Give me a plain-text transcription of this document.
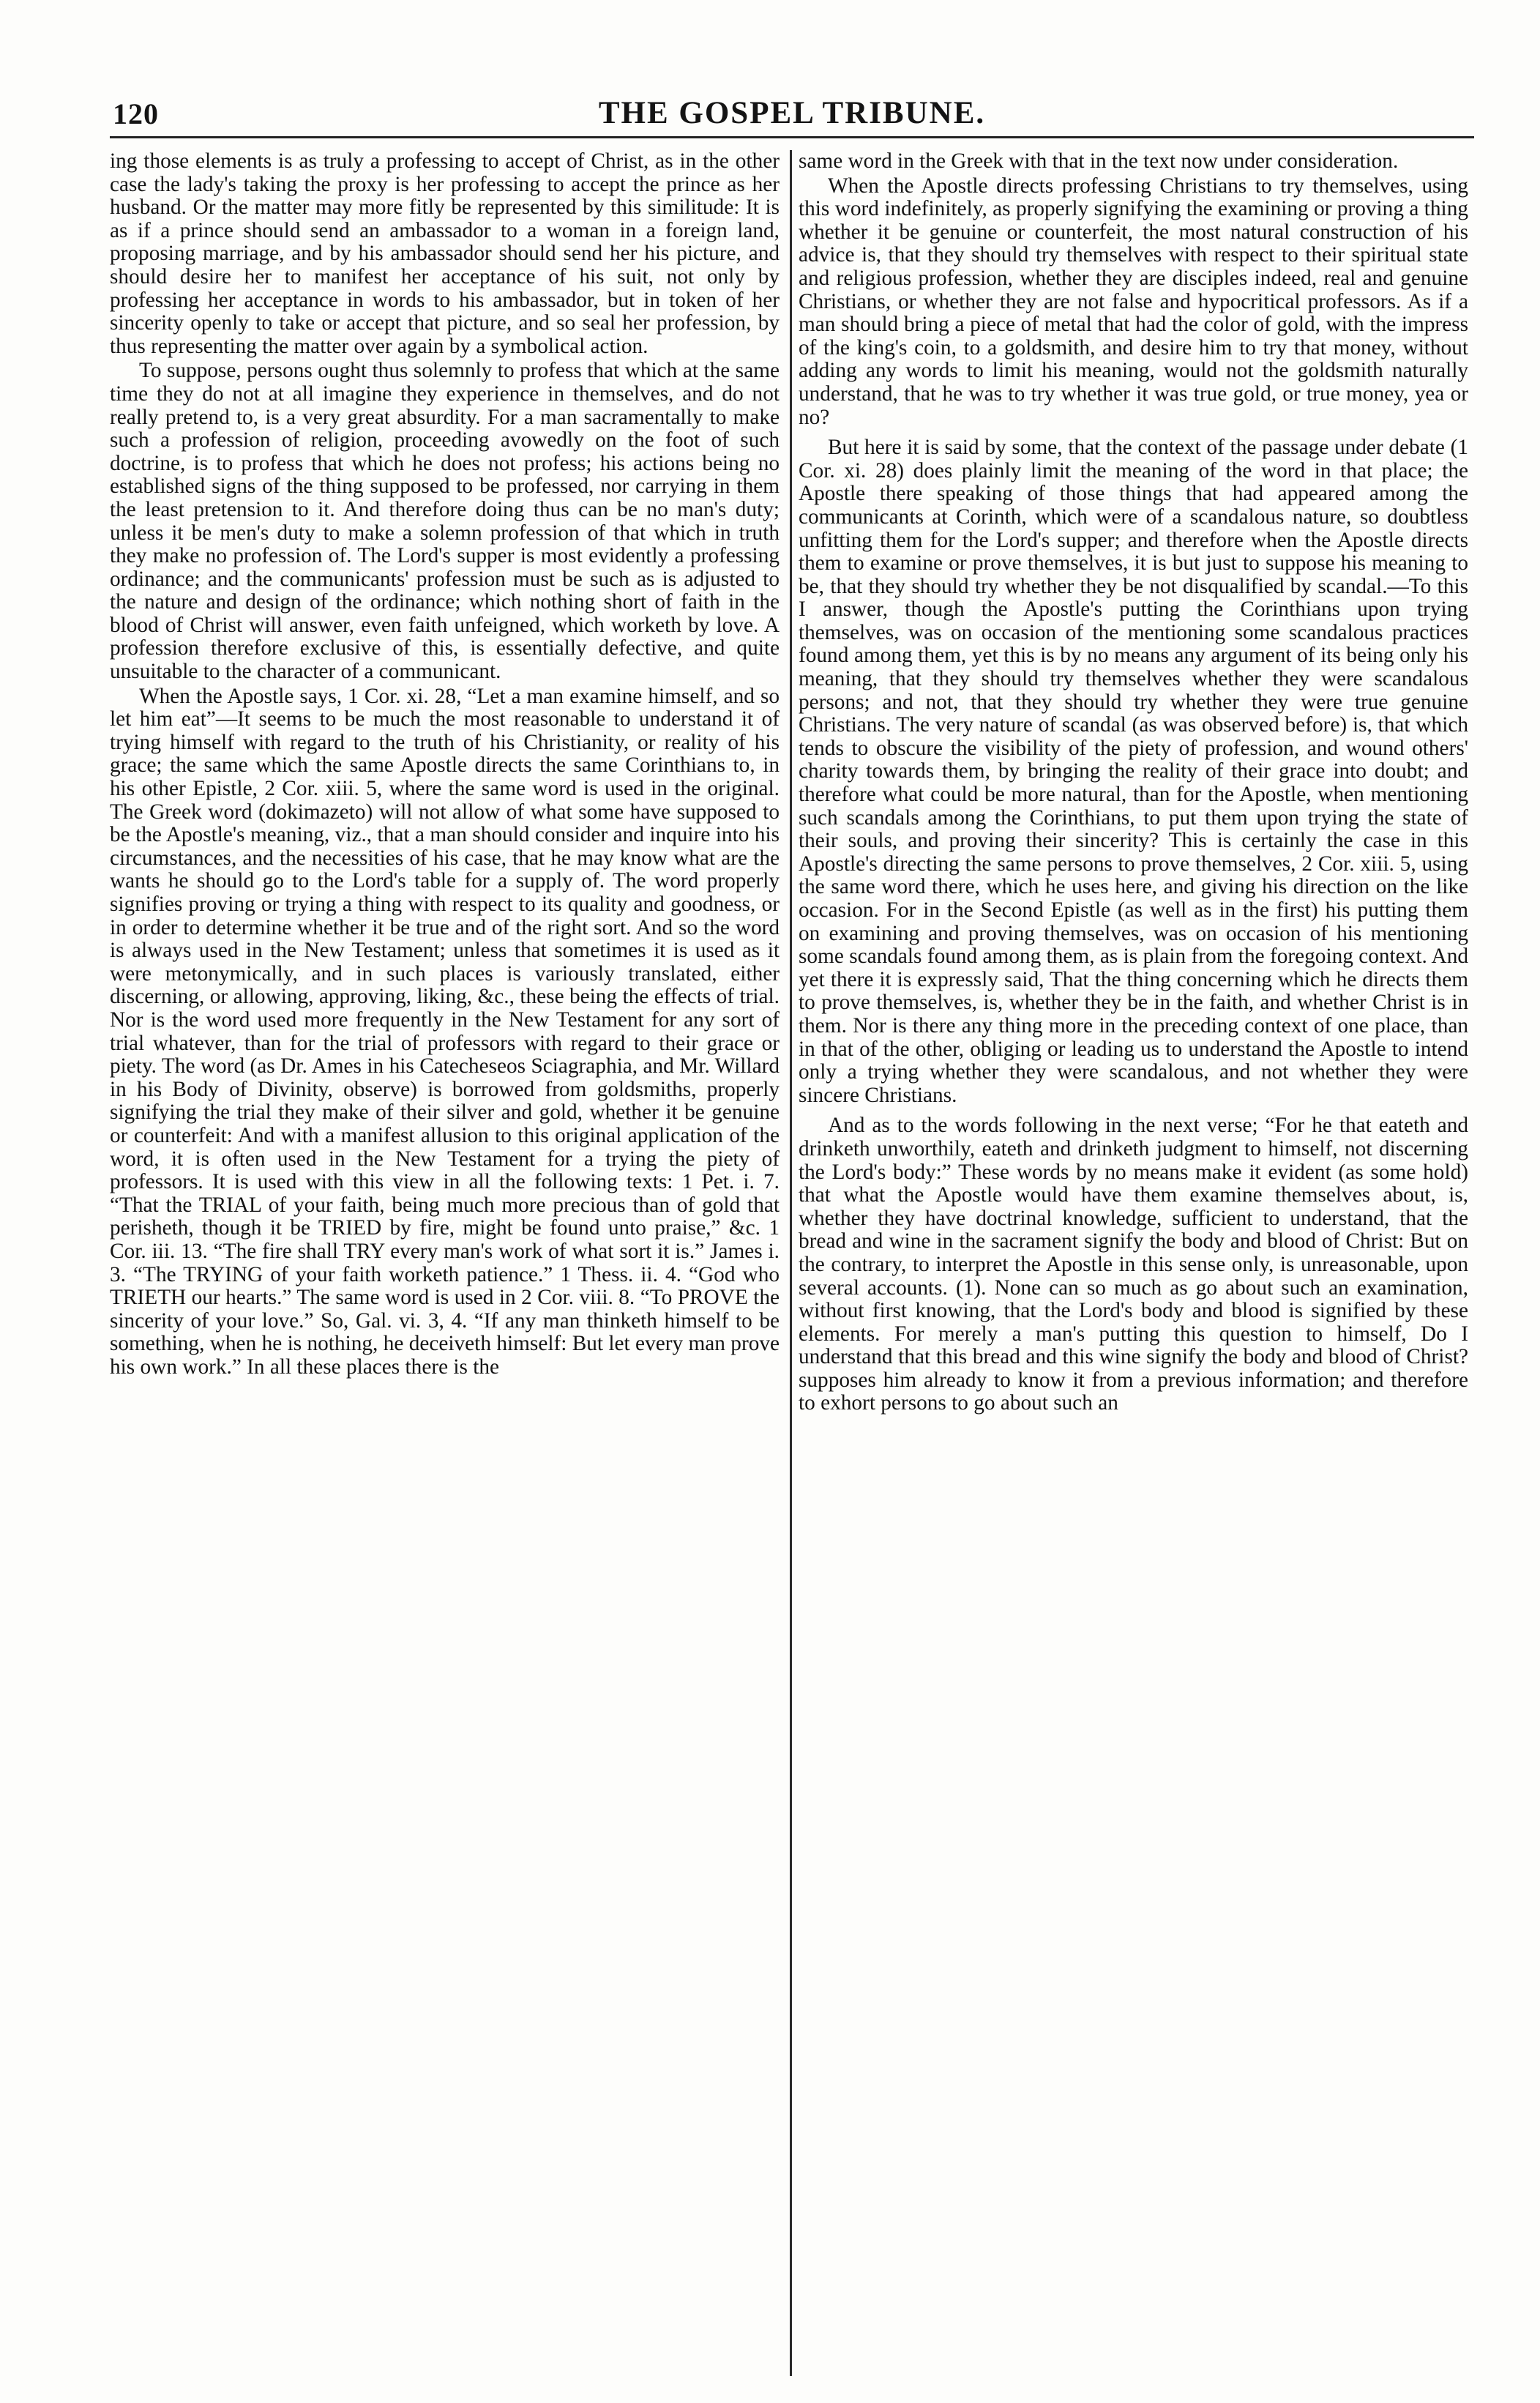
120	THE GOSPEL TRIBUNE.

ing those elements is as truly a professing to accept of Christ, as in the other case the lady's taking the proxy is her professing to accept the prince as her husband. Or the matter may more fitly be represented by this similitude: It is as if a prince should send an ambassador to a woman in a foreign land, proposing marriage, and by his ambassador should send her his picture, and should desire her to manifest her acceptance of his suit, not only by professing her acceptance in words to his ambassador, but in token of her sincerity openly to take or accept that picture, and so seal her profession, by thus representing the matter over again by a symbolical action.

To suppose, persons ought thus solemnly to profess that which at the same time they do not at all imagine they experience in themselves, and do not really pretend to, is a very great absurdity. For a man sacramentally to make such a profession of religion, proceeding avowedly on the foot of such doctrine, is to profess that which he does not profess; his actions being no established signs of the thing supposed to be professed, nor carrying in them the least pretension to it. And therefore doing thus can be no man's duty; unless it be men's duty to make a solemn profession of that which in truth they make no profession of. The Lord's supper is most evidently a professing ordinance; and the communicants' profession must be such as is adjusted to the nature and design of the ordinance; which nothing short of faith in the blood of Christ will answer, even faith unfeigned, which worketh by love. A profession therefore exclusive of this, is essentially defective, and quite unsuitable to the character of a communicant.

When the Apostle says, 1 Cor. xi. 28, “Let a man examine himself, and so let him eat”—It seems to be much the most reasonable to understand it of trying himself with regard to the truth of his Christianity, or reality of his grace; the same which the same Apostle directs the same Corinthians to, in his other Epistle, 2 Cor. xiii. 5, where the same word is used in the original. The Greek word (dokimazeto) will not allow of what some have supposed to be the Apostle's meaning, viz., that a man should consider and inquire into his circumstances, and the necessities of his case, that he may know what are the wants he should go to the Lord's table for a supply of. The word properly signifies proving or trying a thing with respect to its quality and goodness, or in order to determine whether it be true and of the right sort. And so the word is always used in the New Testament; unless that sometimes it is used as it were metonymically, and in such places is variously translated, either discerning, or allowing, approving, liking, &c., these being the effects of trial. Nor is the word used more frequently in the New Testament for any sort of trial whatever, than for the trial of professors with regard to their grace or piety. The word (as Dr. Ames in his Catecheseos Sciagraphia, and Mr. Willard in his Body of Divinity, observe) is borrowed from goldsmiths, properly signifying the trial they make of their silver and gold, whether it be genuine or counterfeit: And with a manifest allusion to this original application of the word, it is often used in the New Testament for a trying the piety of professors. It is used with this view in all the following texts: 1 Pet. i. 7. “That the TRIAL of your faith, being much more precious than of gold that perisheth, though it be TRIED by fire, might be found unto praise,” &c. 1 Cor. iii. 13. “The fire shall TRY every man's work of what sort it is.” James i. 3. “The TRYING of your faith worketh patience.” 1 Thess. ii. 4. “God who TRIETH our hearts.” The same word is used in 2 Cor. viii. 8. “To PROVE the sincerity of your love.” So, Gal. vi. 3, 4. “If any man thinketh himself to be something, when he is nothing, he deceiveth himself: But let every man prove his own work.” In all these places there is the

same word in the Greek with that in the text now under consideration.

When the Apostle directs professing Christians to try themselves, using this word indefinitely, as properly signifying the examining or proving a thing whether it be genuine or counterfeit, the most natural construction of his advice is, that they should try themselves with respect to their spiritual state and religious profession, whether they are disciples indeed, real and genuine Christians, or whether they are not false and hypocritical professors. As if a man should bring a piece of metal that had the color of gold, with the impress of the king's coin, to a goldsmith, and desire him to try that money, without adding any words to limit his meaning, would not the goldsmith naturally understand, that he was to try whether it was true gold, or true money, yea or no?

But here it is said by some, that the context of the passage under debate (1 Cor. xi. 28) does plainly limit the meaning of the word in that place; the Apostle there speaking of those things that had appeared among the communicants at Corinth, which were of a scandalous nature, so doubtless unfitting them for the Lord's supper; and therefore when the Apostle directs them to examine or prove themselves, it is but just to suppose his meaning to be, that they should try whether they be not disqualified by scandal.—To this I answer, though the Apostle's putting the Corinthians upon trying themselves, was on occasion of the mentioning some scandalous practices found among them, yet this is by no means any argument of its being only his meaning, that they should try themselves whether they were scandalous persons; and not, that they should try whether they were true genuine Christians. The very nature of scandal (as was observed before) is, that which tends to obscure the visibility of the piety of profession, and wound others' charity towards them, by bringing the reality of their grace into doubt; and therefore what could be more natural, than for the Apostle, when mentioning such scandals among the Corinthians, to put them upon trying the state of their souls, and proving their sincerity? This is certainly the case in this Apostle's directing the same persons to prove themselves, 2 Cor. xiii. 5, using the same word there, which he uses here, and giving his direction on the like occasion. For in the Second Epistle (as well as in the first) his putting them on examining and proving themselves, was on occasion of his mentioning some scandals found among them, as is plain from the foregoing context. And yet there it is expressly said, That the thing concerning which he directs them to prove themselves, is, whether they be in the faith, and whether Christ is in them. Nor is there any thing more in the preceding context of one place, than in that of the other, obliging or leading us to understand the Apostle to intend only a trying whether they were scandalous, and not whether they were sincere Christians.

And as to the words following in the next verse; “For he that eateth and drinketh unworthily, eateth and drinketh judgment to himself, not discerning the Lord's body:” These words by no means make it evident (as some hold) that what the Apostle would have them examine themselves about, is, whether they have doctrinal knowledge, sufficient to understand, that the bread and wine in the sacrament signify the body and blood of Christ: But on the contrary, to interpret the Apostle in this sense only, is unreasonable, upon several accounts. (1). None can so much as go about such an examination, without first knowing, that the Lord's body and blood is signified by these elements. For merely a man's putting this question to himself, Do I understand that this bread and this wine signify the body and blood of Christ? supposes him already to know it from a previous information; and therefore to exhort persons to go about such an
